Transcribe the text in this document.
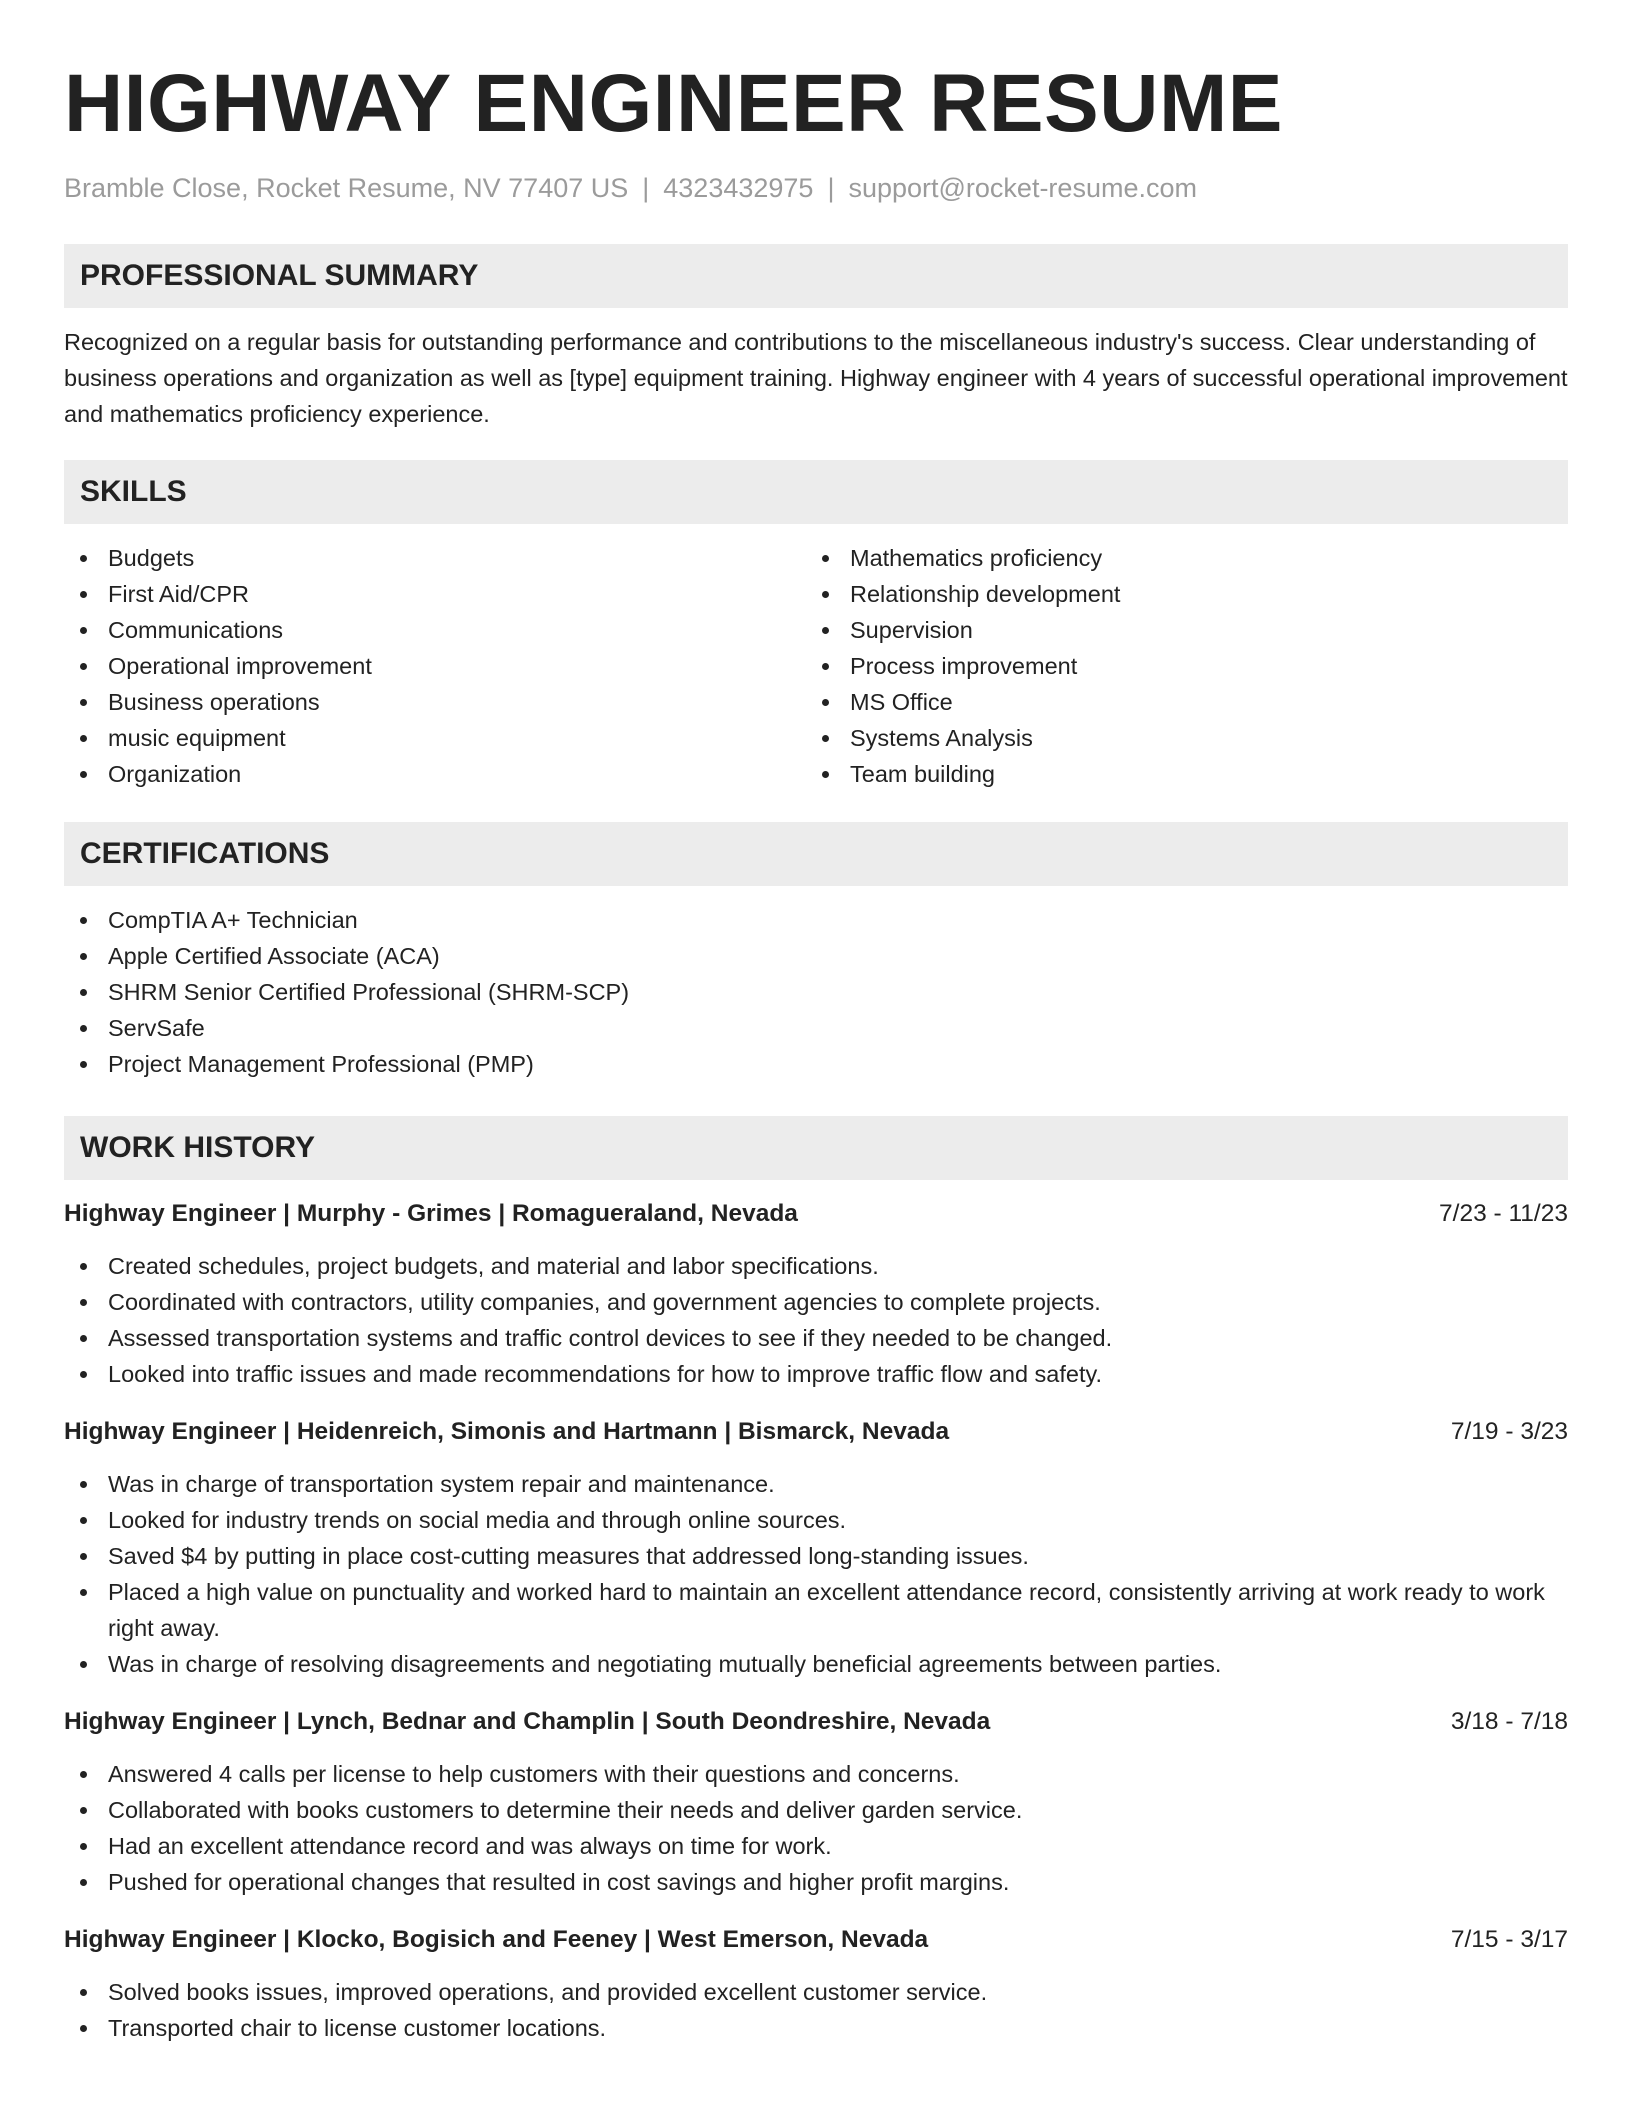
HIGHWAY ENGINEER RESUME
Bramble Close, Rocket Resume, NV 77407 US | 4323432975 | support@rocket-resume.com
PROFESSIONAL SUMMARY

Recognized on a regular basis for outstanding performance and contributions to the miscellaneous industry's success. Clear understanding of business operations and organization as well as [type] equipment training. Highway engineer with 4 years of successful operational improvement and mathematics proficiency experience.

SKILLS
Budgets
First Aid/CPR
Communications
Operational improvement
Business operations
music equipment
Organization
Mathematics proficiency
Relationship development
Supervision
Process improvement
MS Office
Systems Analysis
Team building
CERTIFICATIONS
CompTIA A+ Technician
Apple Certified Associate (ACA)
SHRM Senior Certified Professional (SHRM-SCP)
ServSafe
Project Management Professional (PMP)
WORK HISTORY
Highway Engineer | Murphy - Grimes | Romagueraland, Nevada	7/23 - 11/23
Created schedules, project budgets, and material and labor specifications.
Coordinated with contractors, utility companies, and government agencies to complete projects.
Assessed transportation systems and traffic control devices to see if they needed to be changed.
Looked into traffic issues and made recommendations for how to improve traffic flow and safety.
Highway Engineer | Heidenreich, Simonis and Hartmann | Bismarck, Nevada	7/19 - 3/23
Was in charge of transportation system repair and maintenance.
Looked for industry trends on social media and through online sources.
Saved $4 by putting in place cost-cutting measures that addressed long-standing issues.
Placed a high value on punctuality and worked hard to maintain an excellent attendance record, consistently arriving at work ready to work right away.
Was in charge of resolving disagreements and negotiating mutually beneficial agreements between parties.
Highway Engineer | Lynch, Bednar and Champlin | South Deondreshire, Nevada	3/18 - 7/18
Answered 4 calls per license to help customers with their questions and concerns.
Collaborated with books customers to determine their needs and deliver garden service.
Had an excellent attendance record and was always on time for work.
Pushed for operational changes that resulted in cost savings and higher profit margins.
Highway Engineer | Klocko, Bogisich and Feeney | West Emerson, Nevada	7/15 - 3/17
Solved books issues, improved operations, and provided excellent customer service.
Transported chair to license customer locations.
